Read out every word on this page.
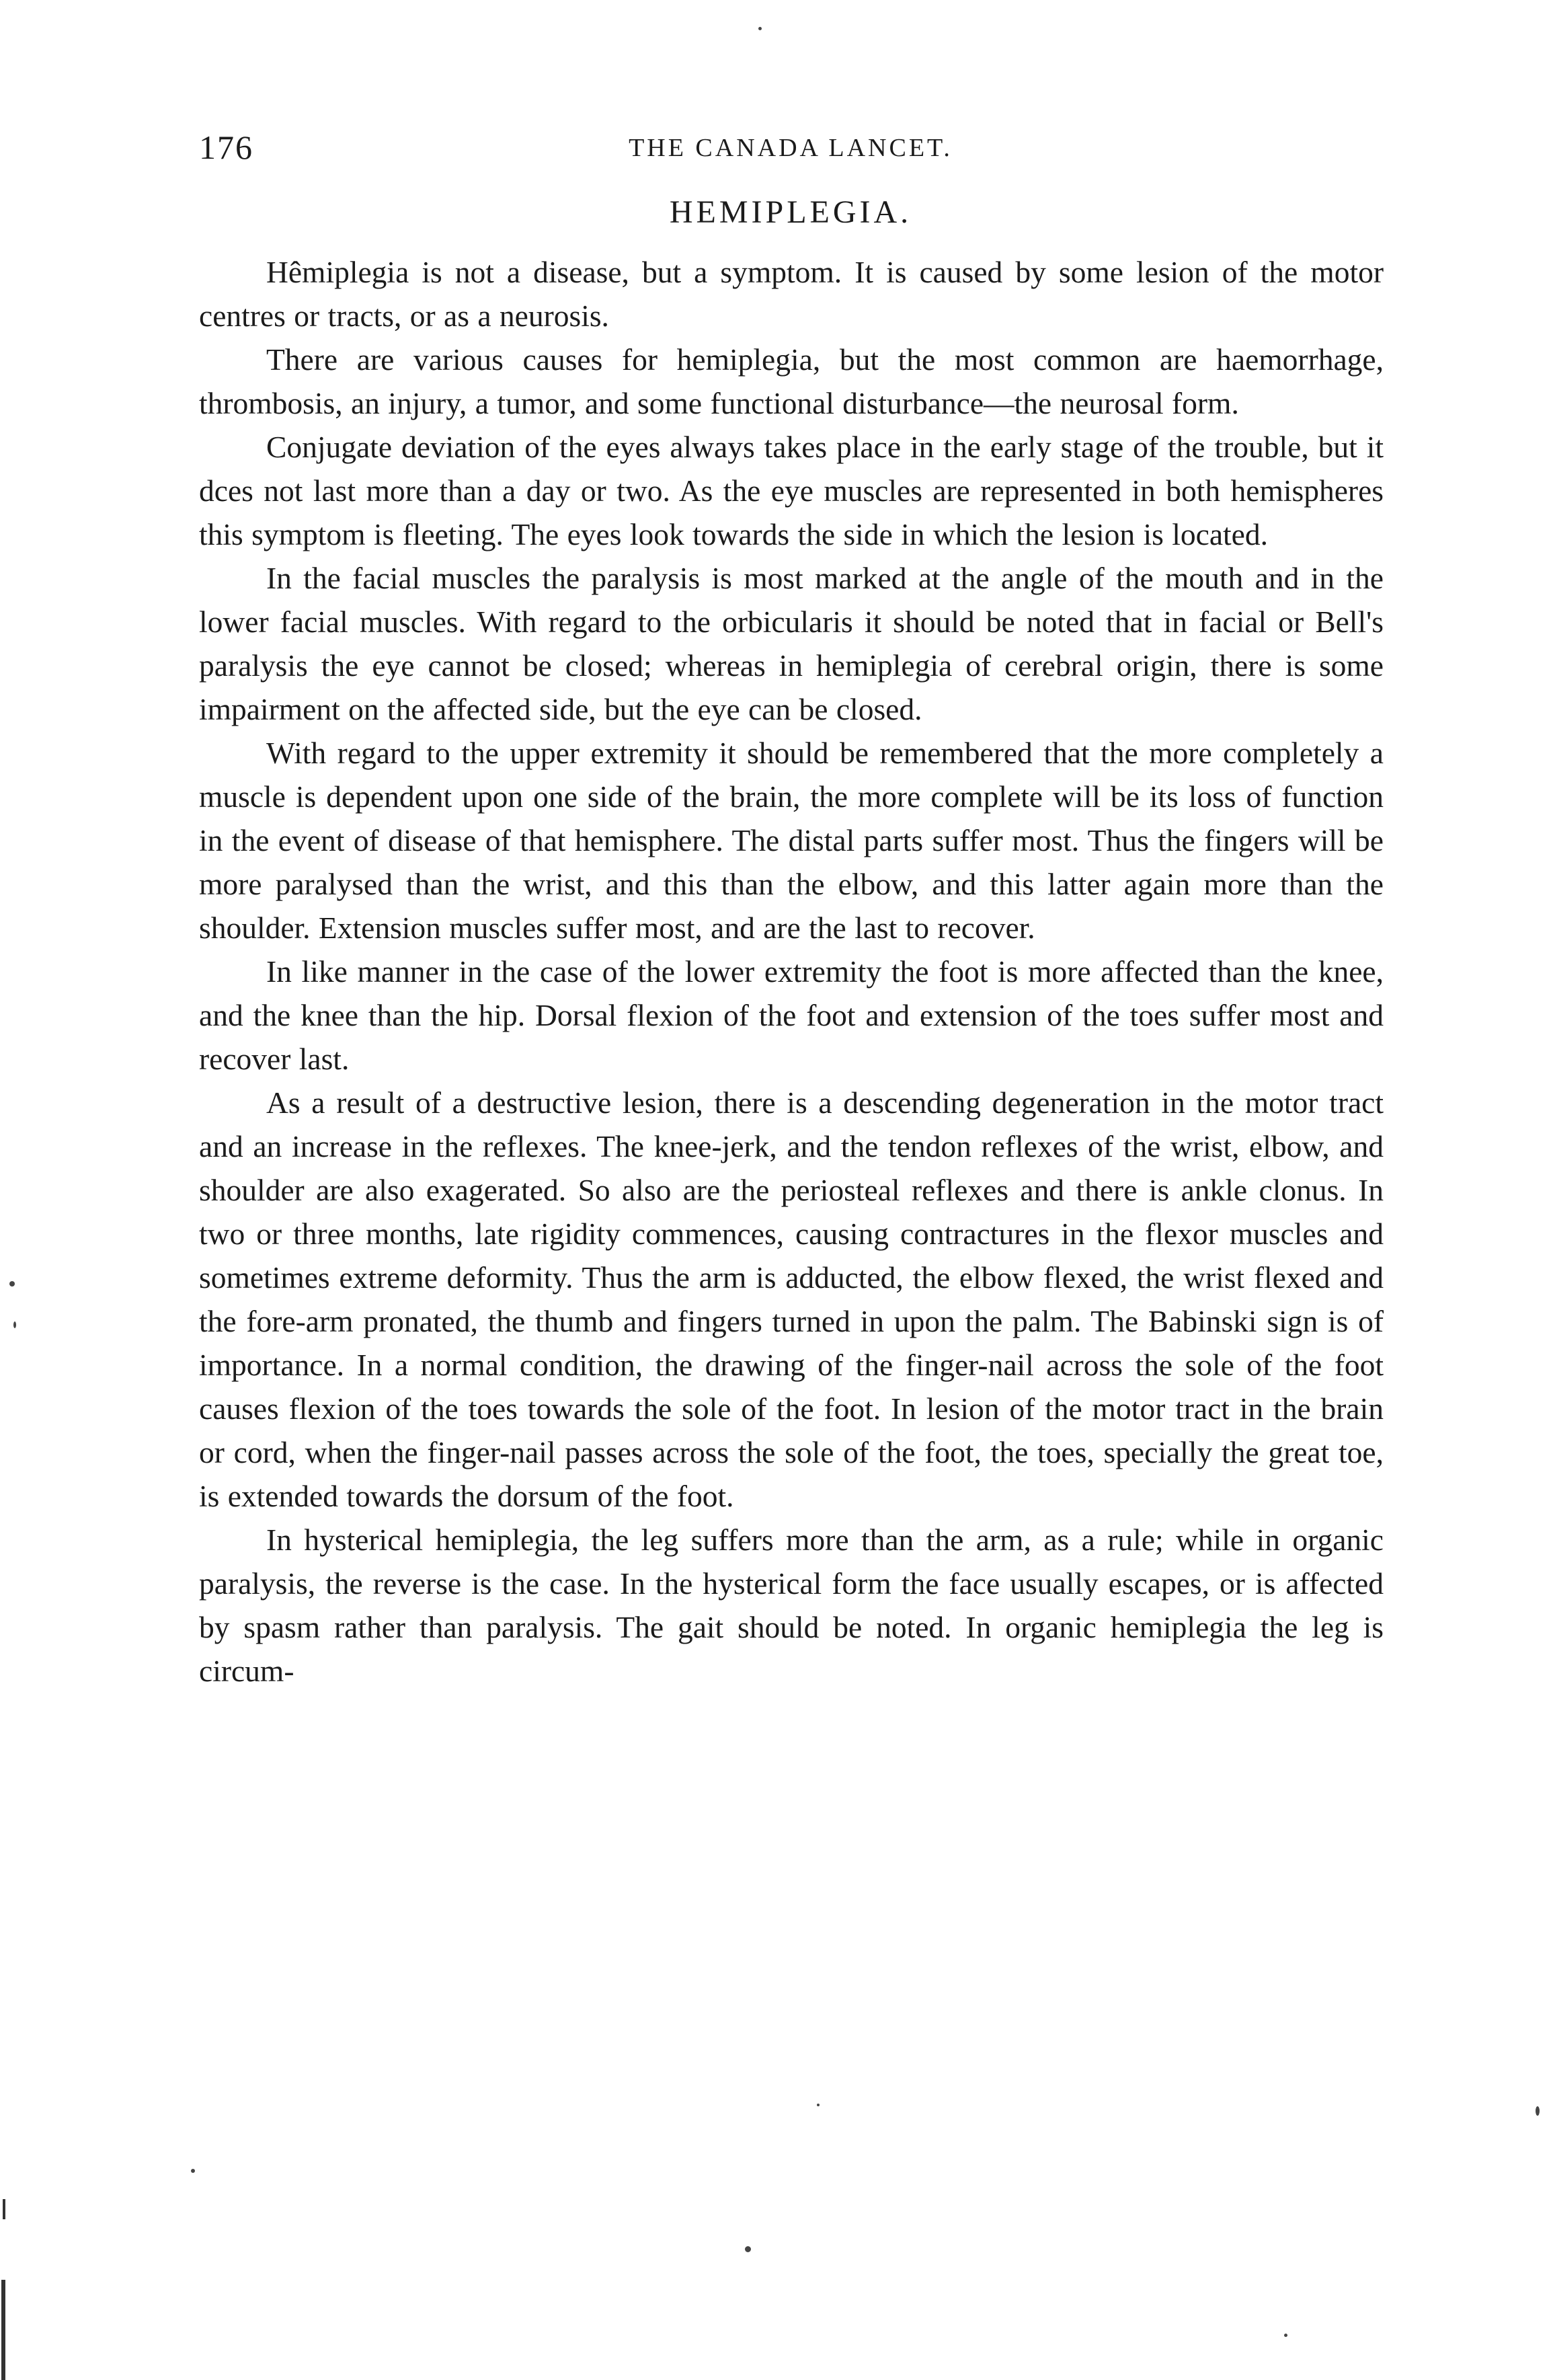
176	THE CANADA LANCET.
HEMIPLEGIA.

Hêmiplegia is not a disease, but a symptom. It is caused by some lesion of the motor centres or tracts, or as a neurosis.

There are various causes for hemiplegia, but the most common are haemorrhage, thrombosis, an injury, a tumor, and some functional disturbance—the neurosal form.

Conjugate deviation of the eyes always takes place in the early stage of the trouble, but it dces not last more than a day or two. As the eye muscles are represented in both hemispheres this symptom is fleeting. The eyes look towards the side in which the lesion is located.

In the facial muscles the paralysis is most marked at the angle of the mouth and in the lower facial muscles. With regard to the orbicularis it should be noted that in facial or Bell's paralysis the eye cannot be closed; whereas in hemiplegia of cerebral origin, there is some impairment on the affected side, but the eye can be closed.

With regard to the upper extremity it should be remembered that the more completely a muscle is dependent upon one side of the brain, the more complete will be its loss of function in the event of disease of that hemisphere. The distal parts suffer most. Thus the fingers will be more paralysed than the wrist, and this than the elbow, and this latter again more than the shoulder. Extension muscles suffer most, and are the last to recover.

In like manner in the case of the lower extremity the foot is more affected than the knee, and the knee than the hip. Dorsal flexion of the foot and extension of the toes suffer most and recover last.

As a result of a destructive lesion, there is a descending degeneration in the motor tract and an increase in the reflexes. The knee-jerk, and the tendon reflexes of the wrist, elbow, and shoulder are also exagerated. So also are the periosteal reflexes and there is ankle clonus. In two or three months, late rigidity commences, causing contractures in the flexor muscles and sometimes extreme deformity. Thus the arm is adducted, the elbow flexed, the wrist flexed and the fore-arm pronated, the thumb and fingers turned in upon the palm. The Babinski sign is of importance. In a normal condition, the drawing of the finger-nail across the sole of the foot causes flexion of the toes towards the sole of the foot. In lesion of the motor tract in the brain or cord, when the finger-nail passes across the sole of the foot, the toes, specially the great toe, is extended towards the dorsum of the foot.

In hysterical hemiplegia, the leg suffers more than the arm, as a rule; while in organic paralysis, the reverse is the case. In the hysterical form the face usually escapes, or is affected by spasm rather than paralysis. The gait should be noted. In organic hemiplegia the leg is circum-
